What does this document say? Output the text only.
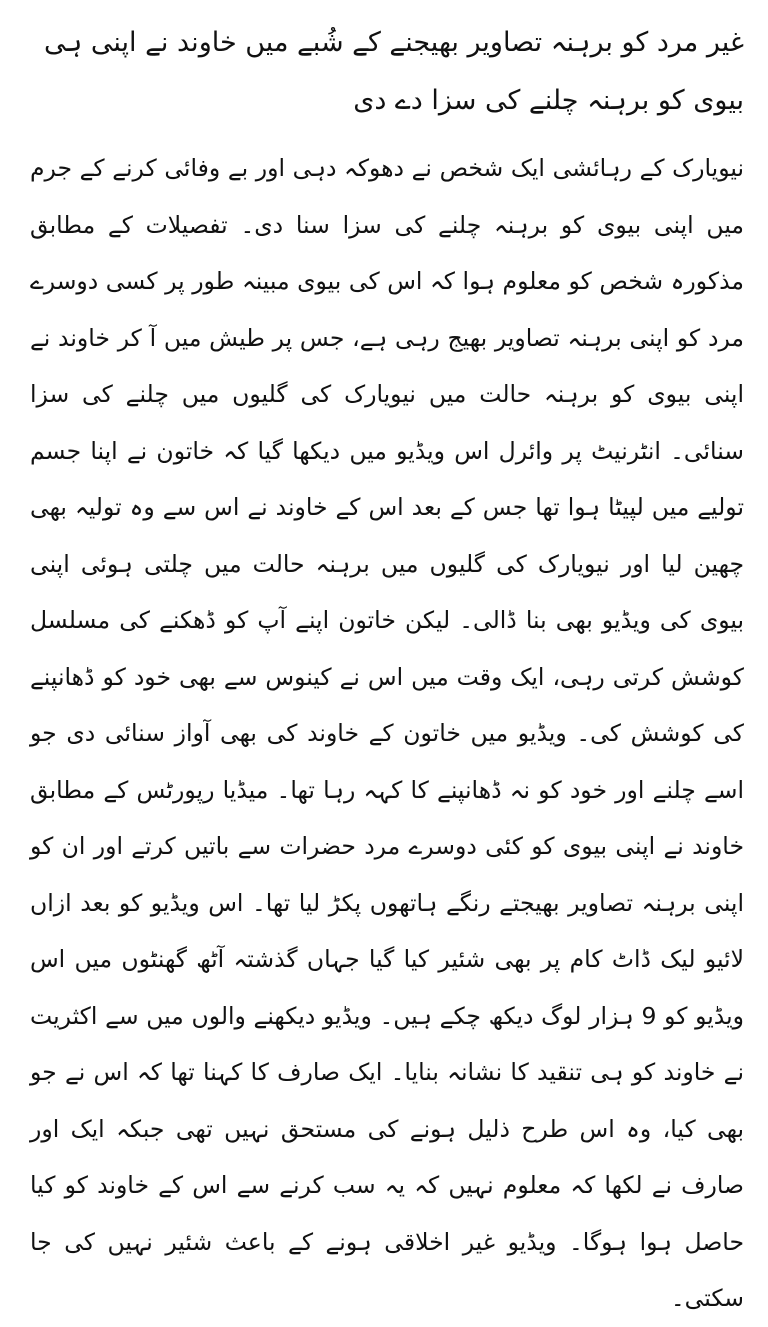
غیر مرد کو برہنہ تصاویر بھیجنے کے شُبے میں خاوند نے اپنی ہی بیوی کو برہنہ چلنے کی سزا دے دی

نیویارک کے رہائشی ایک شخص نے دھوکہ دہی اور بے وفائی کرنے کے جرم میں اپنی بیوی کو برہنہ چلنے کی سزا سنا دی۔ تفصیلات کے مطابق مذکورہ شخص کو معلوم ہوا کہ اس کی بیوی مبینہ طور پر کسی دوسرے مرد کو اپنی برہنہ تصاویر بھیج رہی ہے، جس پر طیش میں آ کر خاوند نے اپنی بیوی کو برہنہ حالت میں نیویارک کی گلیوں میں چلنے کی سزا سنائی۔ انٹرنیٹ پر وائرل اس ویڈیو میں دیکھا گیا کہ خاتون نے اپنا جسم تولیے میں لپیٹا ہوا تھا جس کے بعد اس کے خاوند نے اس سے وہ تولیہ بھی چھین لیا اور نیویارک کی گلیوں میں برہنہ حالت میں چلتی ہوئی اپنی بیوی کی ویڈیو بھی بنا ڈالی۔ لیکن خاتون اپنے آپ کو ڈھکنے کی مسلسل کوشش کرتی رہی، ایک وقت میں اس نے کینوس سے بھی خود کو ڈھانپنے کی کوشش کی۔ ویڈیو میں خاتون کے خاوند کی بھی آواز سنائی دی جو اسے چلنے اور خود کو نہ ڈھانپنے کا کہہ رہا تھا۔ میڈیا رپورٹس کے مطابق خاوند نے اپنی بیوی کو کئی دوسرے مرد حضرات سے باتیں کرتے اور ان کو اپنی برہنہ تصاویر بھیجتے رنگے ہاتھوں پکڑ لیا تھا۔ اس ویڈیو کو بعد ازاں لائیو لیک ڈاٹ کام پر بھی شئیر کیا گیا جہاں گذشتہ آٹھ گھنٹوں میں اس ویڈیو کو 9 ہزار لوگ دیکھ چکے ہیں۔ ویڈیو دیکھنے والوں میں سے اکثریت نے خاوند کو ہی تنقید کا نشانہ بنایا۔ ایک صارف کا کہنا تھا کہ اس نے جو بھی کیا، وہ اس طرح ذلیل ہونے کی مستحق نہیں تھی جبکہ ایک اور صارف نے لکھا کہ معلوم نہیں کہ یہ سب کرنے سے اس کے خاوند کو کیا حاصل ہوا ہوگا۔ ویڈیو غیر اخلاقی ہونے کے باعث شئیر نہیں کی جا سکتی۔
